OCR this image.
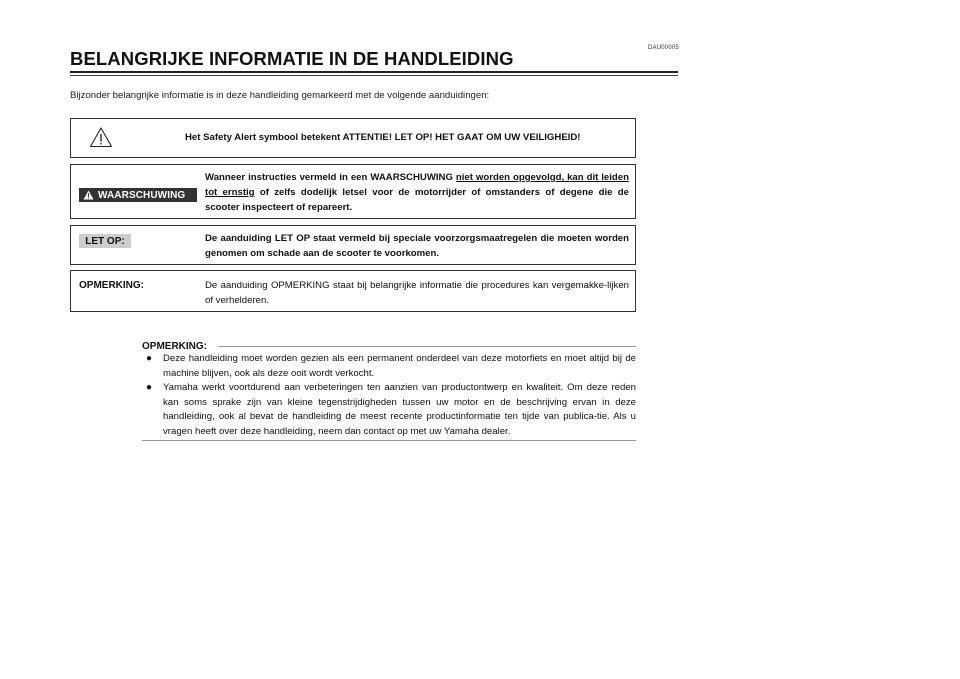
DAU00005
BELANGRIJKE INFORMATIE IN DE HANDLEIDING

Bijzonder belangrijke informatie is in deze handleiding gemarkeerd met de volgende aanduidingen:

Het Safety Alert symbool betekent ATTENTIE! LET OP! HET GAAT OM UW VEILIGHEID!
WAARSCHUWING

Wanneer instructies vermeld in een WAARSCHUWING niet worden opgevolgd, kan dit leiden tot ernstig of zelfs dodelijk letsel voor de motorrijder of omstanders of degene die de scooter inspecteert of repareert.

LET OP:	De aanduiding LET OP staat vermeld bij speciale voorzorgsmaatregelen die moeten worden genomen om schade aan de scooter te voorkomen.

OPMERKING:	De aanduiding OPMERKING staat bij belangrijke informatie die procedures kan vergemakke-lijken of verhelderen.

OPMERKING:
● Deze handleiding moet worden gezien als een permanent onderdeel van deze motorfiets en moet altijd bij de machine blijven, ook als deze ooit wordt verkocht.
● Yamaha werkt voortdurend aan verbeteringen ten aanzien van productontwerp en kwaliteit. Om deze reden kan soms sprake zijn van kleine tegenstrijdigheden tussen uw motor en de beschrijving ervan in deze handleiding, ook al bevat de handleiding de meest recente productinformatie ten tijde van publica-tie. Als u vragen heeft over deze handleiding, neem dan contact op met uw Yamaha dealer.
